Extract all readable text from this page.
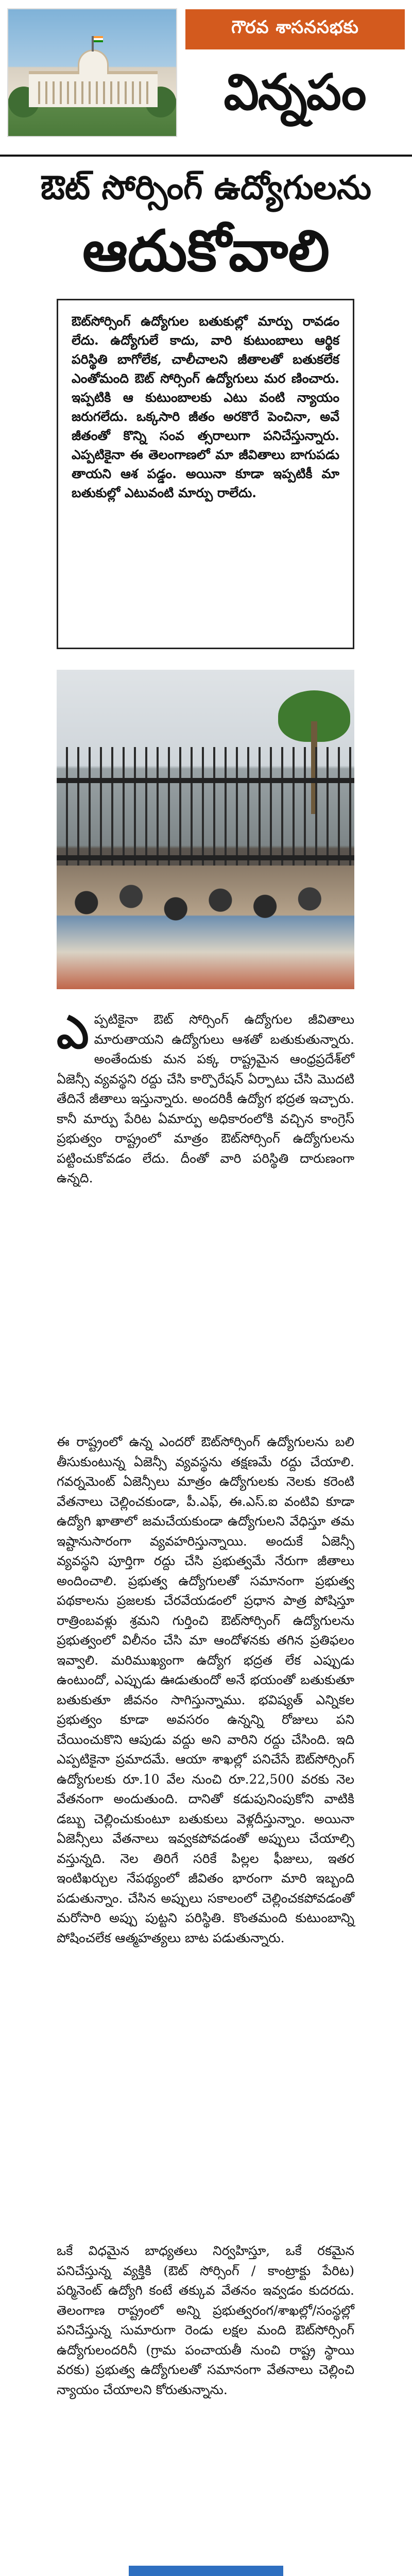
గౌరవ శాసనసభకు
విన్నపం
ఔట్ సోర్సింగ్ ఉద్యోగులను
ఆదుకోవాలి

ఔట్‌సోర్సింగ్ ఉద్యోగుల బతుకుల్లో మార్పు రావడం లేదు. ఉద్యోగులే కాదు, వారి కుటుంబాలు ఆర్థిక పరిస్థితి బాగోలేక, చాలీచాలని జీతాలతో బతుకలేక ఎంతోమంది ఔట్ సోర్సింగ్ ఉద్యోగులు మర ణించారు. ఇప్పటికి ఆ కుటుంబాలకు ఎటు వంటి న్యాయం జరుగలేదు. ఒక్కసారి జీతం అరకొరే పెంచినా, అవే జీతంతో కొన్ని సంవ త్సరాలుగా పనిచేస్తున్నారు. ఎప్పటికైనా ఈ తెలంగాణలో మా జీవితాలు బాగుపడు తాయని ఆశ పడ్డం. అయినా కూడా ఇప్పటికీ మా బతుకుల్లో ఎటువంటి మార్పు రాలేదు.

ఎ ప్పటికైనా ఔట్ సోర్సింగ్ ఉద్యోగుల జీవితాలు మారుతాయని ఉద్యోగులు ఆశతో బతుకుతున్నారు. అంతేందుకు మన పక్క రాష్ట్రమైన ఆంధ్రప్రదేశ్‌లో ఏజెన్సీ వ్యవస్థని రద్దు చేసి కార్పొరేషన్ ఏర్పాటు చేసి మొదటి తేదినే జీతాలు ఇస్తున్నారు. అందరికీ ఉద్యోగ భద్రత ఇచ్చారు. కానీ మార్పు పేరిట ఏమార్పు అధికారంలోకి వచ్చిన కాంగ్రెస్ ప్రభుత్వం రాష్ట్రంలో మాత్రం ఔట్‌సోర్సింగ్ ఉద్యోగులను పట్టించుకోవడం లేదు. దీంతో వారి పరిస్థితి దారుణంగా ఉన్నది.

ఈ రాష్ట్రంలో ఉన్న ఎందరో ఔట్‌సోర్సింగ్ ఉద్యోగులను బలి తీసుకుంటున్న ఏజెన్సీ వ్యవస్థను తక్షణమే రద్దు చేయాలి. గవర్నమెంట్ ఏజెన్సీలు మాత్రం ఉద్యోగులకు నెలకు కరెంటి వేతనాలు చెల్లించకుండా, పీ.ఎఫ్, ఈ.ఎస్.ఐ వంటివి కూడా ఉద్యోగి ఖాతాలో జమచేయకుండా ఉద్యోగులని వేధిస్తూ తమ ఇష్టానుసారంగా వ్యవహరిస్తున్నాయి. అందుకే ఏజెన్సీ వ్యవస్థని పూర్తిగా రద్దు చేసి ప్రభుత్వమే నేరుగా జీతాలు అందించాలి. ప్రభుత్వ ఉద్యోగులతో సమానంగా ప్రభుత్వ పథకాలను ప్రజలకు చేరవేయడంలో ప్రధాన పాత్ర పోషిస్తూ రాత్రింబవళ్లు శ్రమని గుర్తించి ఔట్‌సోర్సింగ్ ఉద్యోగులను ప్రభుత్వంలో విలీనం చేసి మా ఆందోళనకు తగిన ప్రతిఫలం ఇవ్వాలి. మరిముఖ్యంగా ఉద్యోగ భద్రత లేక ఎప్పుడు ఉంటుందో, ఎప్పుడు ఊడుతుందో అనే భయంతో బతుకుతూ బతుకుతూ జీవనం సాగిస్తున్నాము. భవిష్యత్ ఎన్నికల ప్రభుత్వం కూడా అవసరం ఉన్నన్ని రోజులు పని చేయించుకొని ఆపుడు వద్దు అని వారిని రద్దు చేసింది. ఇది ఎప్పటికైనా ప్రమాదమే. ఆయా శాఖల్లో పనిచేసే ఔట్‌సోర్సింగ్ ఉద్యోగులకు రూ.10 వేల నుంచి రూ.22,500 వరకు నెల వేతనంగా అందుతుంది. దానితో కడుపునింపుకోని వాటికి డబ్బు చెల్లించుకుంటూ బతుకులు వెళ్లదీస్తున్నాం. అయినా ఏజెన్సీలు వేతనాలు ఇవ్వకపోవడంతో అప్పులు చేయాల్సి వస్తున్నది. నెల తిరిగే సరికే పిల్లల ఫీజులు, ఇతర ఇంటిఖర్చుల నేపథ్యంలో జీవితం భారంగా మారి ఇబ్బంది పడుతున్నాం. చేసిన అప్పులు సకాలంలో చెల్లించకపోవడంతో మరోసారి అప్పు పుట్టని పరిస్థితి. కొంతమంది కుటుంబాన్ని పోషించలేక ఆత్మహత్యలు బాట పడుతున్నారు.

ఒకే విధమైన బాధ్యతలు నిర్వహిస్తూ, ఒకే రకమైన పనిచేస్తున్న వ్యక్తికి (ఔట్ సోర్సింగ్ / కాంట్రాక్టు పేరిట) పర్మినెంట్ ఉద్యోగి కంటే తక్కువ వేతనం ఇవ్వడం కుదరదు. తెలంగాణ రాష్ట్రంలో అన్ని ప్రభుత్వరంగ/శాఖల్లో/సంస్థల్లో పనిచేస్తున్న సుమారుగా రెండు లక్షల మంది ఔట్‌సోర్సింగ్ ఉద్యోగులందరినీ (గ్రామ పంచాయతీ నుంచి రాష్ట్ర స్థాయి వరకు) ప్రభుత్వ ఉద్యోగులతో సమానంగా వేతనాలు చెల్లించి న్యాయం చేయాలని కోరుతున్నాను.
